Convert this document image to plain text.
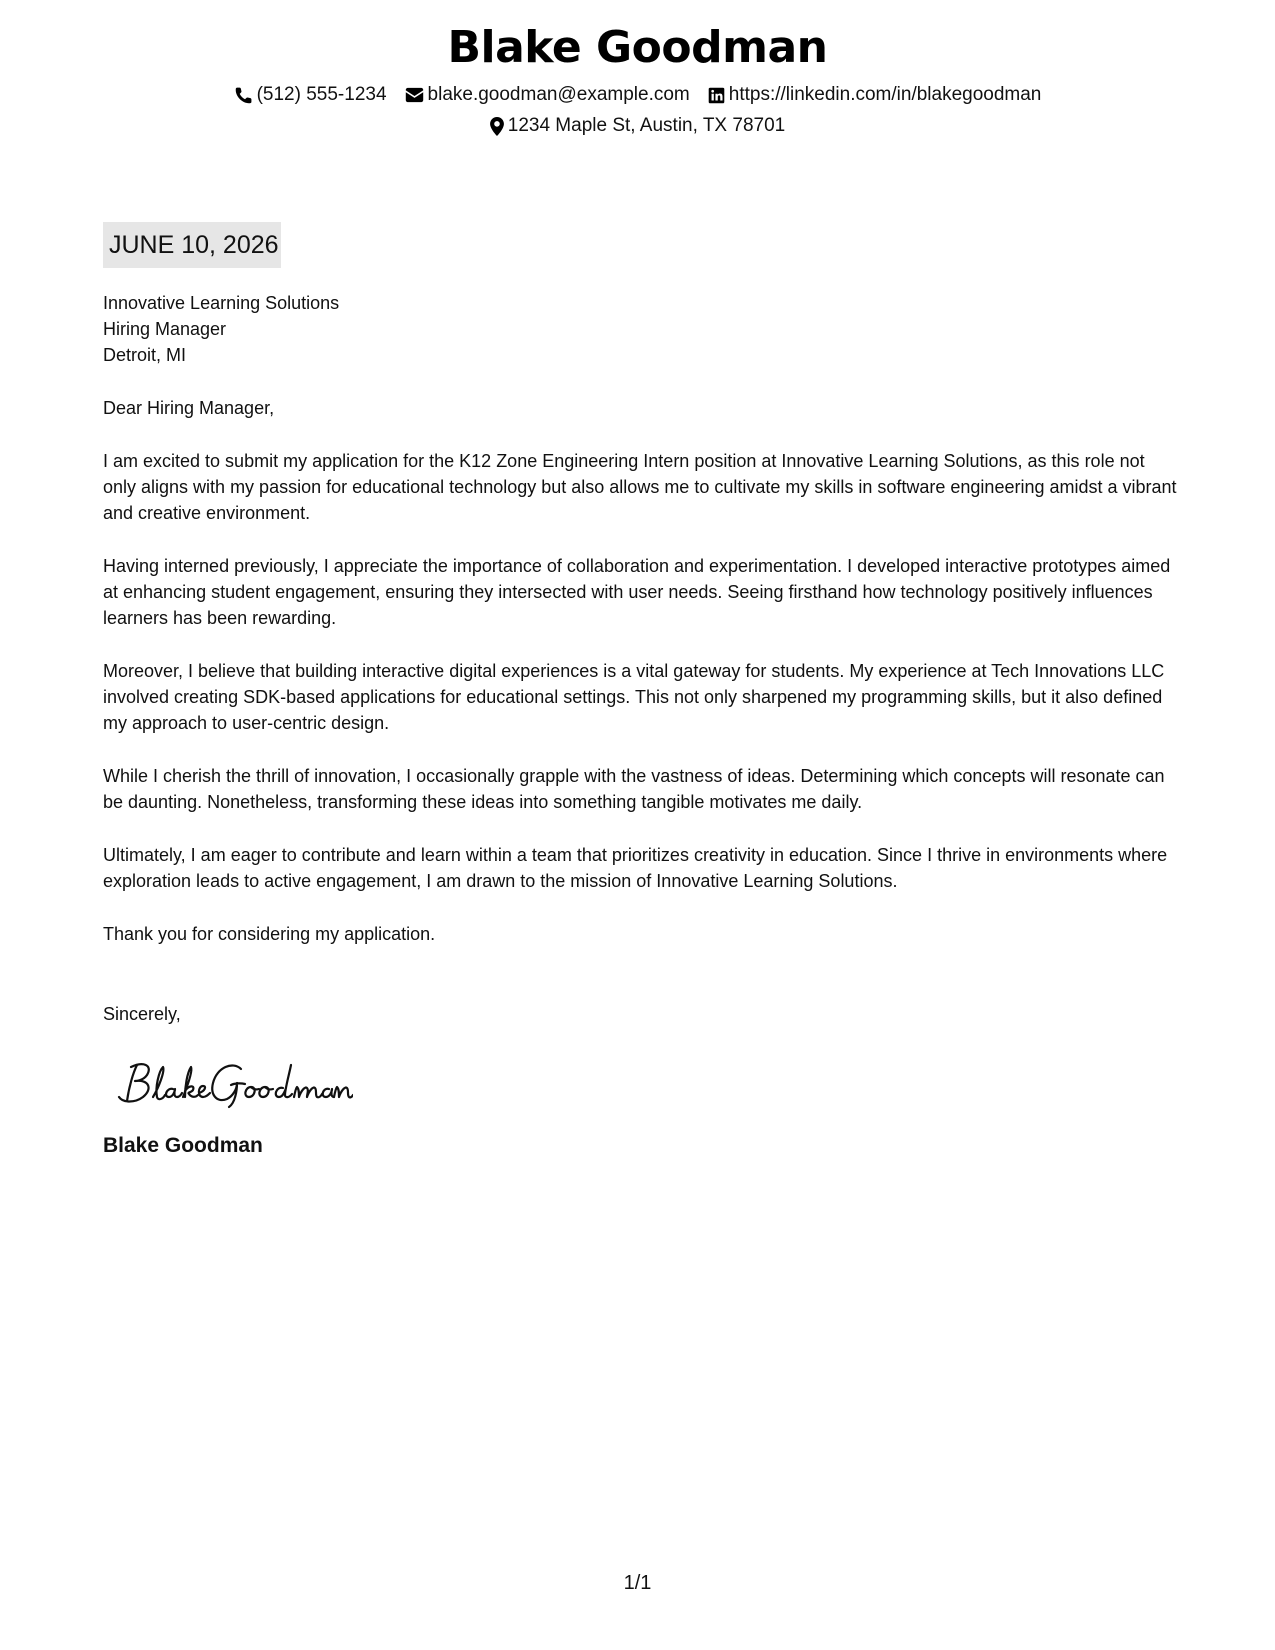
Blake Goodman
(512) 555-1234 blake.goodman@example.com https://linkedin.com/in/blakegoodman
1234 Maple St, Austin, TX 78701
JUNE 10, 2026
Innovative Learning Solutions
Hiring Manager
Detroit, MI
Dear Hiring Manager,
I am excited to submit my application for the K12 Zone Engineering Intern position at Innovative Learning Solutions, as this role not only aligns with my passion for educational technology but also allows me to cultivate my skills in software engineering amidst a vibrant and creative environment.
Having interned previously, I appreciate the importance of collaboration and experimentation. I developed interactive prototypes aimed at enhancing student engagement, ensuring they intersected with user needs. Seeing firsthand how technology positively influences learners has been rewarding.
Moreover, I believe that building interactive digital experiences is a vital gateway for students. My experience at Tech Innovations LLC involved creating SDK-based applications for educational settings. This not only sharpened my programming skills, but it also defined my approach to user-centric design.
While I cherish the thrill of innovation, I occasionally grapple with the vastness of ideas. Determining which concepts will resonate can be daunting. Nonetheless, transforming these ideas into something tangible motivates me daily.
Ultimately, I am eager to contribute and learn within a team that prioritizes creativity in education. Since I thrive in environments where exploration leads to active engagement, I am drawn to the mission of Innovative Learning Solutions.
Thank you for considering my application.
Sincerely,
Blake Goodman
1/1
